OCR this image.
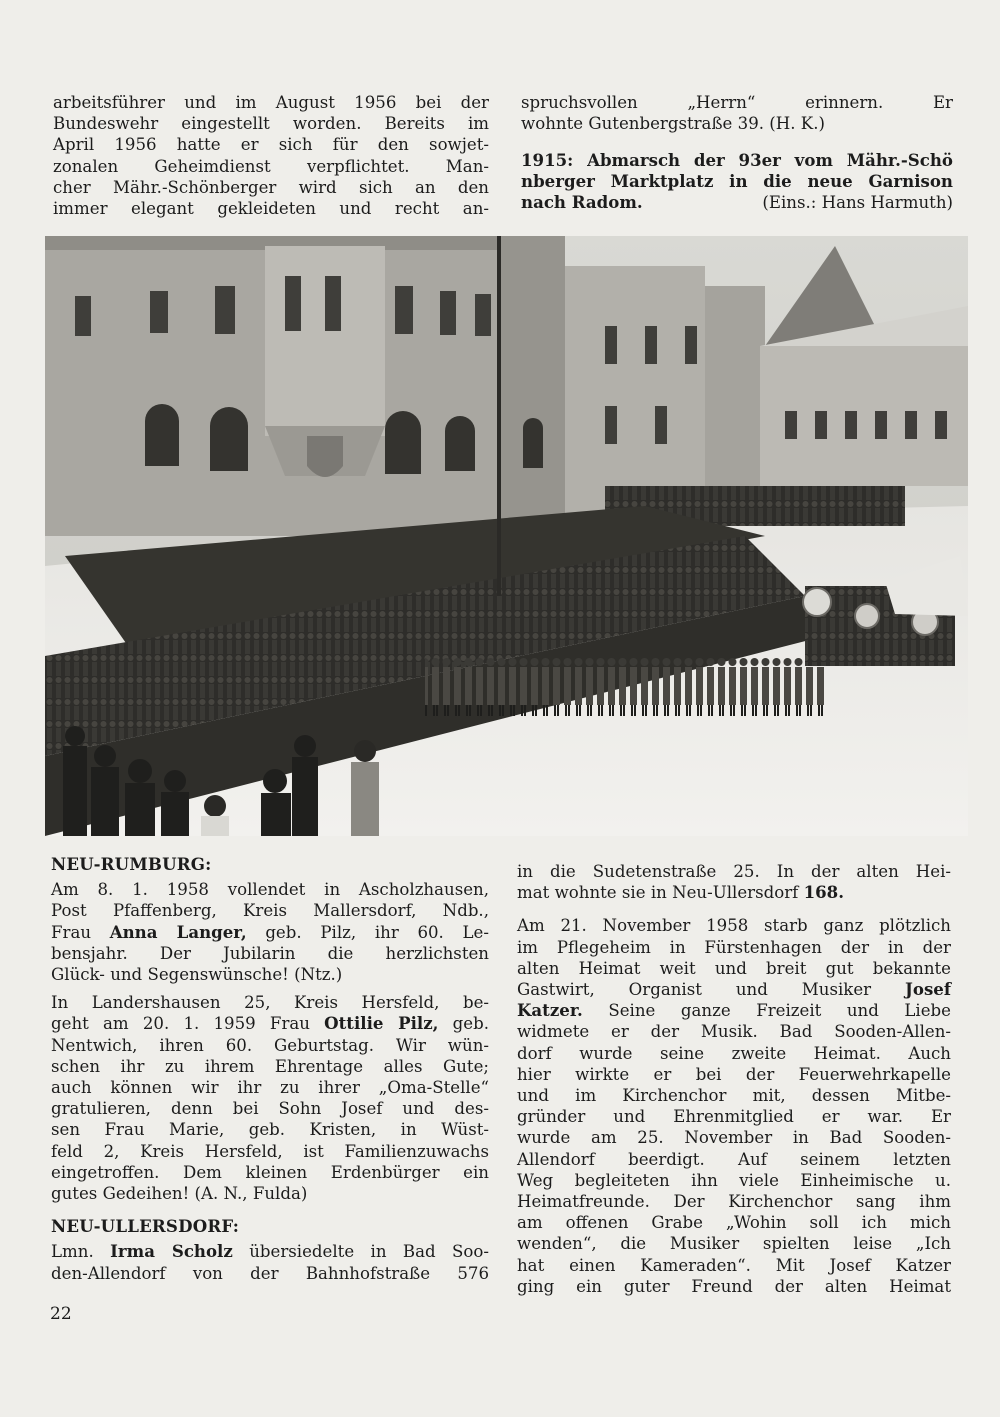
arbeitsführer und im August 1956 bei der
Bundeswehr eingestellt worden. Bereits im
April 1956 hatte er sich für den sowjet-
zonalen Geheimdienst verpflichtet. Man-
cher Mähr.-Schönberger wird sich an den
immer elegant gekleideten und recht an-
spruchsvollen „Herrn“ erinnern. Er
wohnte Gutenbergstraße 39. (H. K.)
1915: Abmarsch der 93er vom Mähr.-Schö
nberger Marktplatz in die neue Garnison
nach Radom.	(Eins.: Hans Harmuth)
NEU-RUMBURG:

Am 8. 1. 1958 vollendet in Ascholzhausen,
Post Pfaffenberg, Kreis Mallersdorf, Ndb.,
Frau Anna Langer, geb. Pilz, ihr 60. Le-
bensjahr. Der Jubilarin die herzlichsten
Glück- und Segenswünsche! (Ntz.)

In Landershausen 25, Kreis Hersfeld, be-
geht am 20. 1. 1959 Frau Ottilie Pilz, geb.
Nentwich, ihren 60. Geburtstag. Wir wün-
schen ihr zu ihrem Ehrentage alles Gute;
auch können wir ihr zu ihrer „Oma-Stelle“
gratulieren, denn bei Sohn Josef und des-
sen Frau Marie, geb. Kristen, in Wüst-
feld 2, Kreis Hersfeld, ist Familienzuwachs
eingetroffen. Dem kleinen Erdenbürger ein
gutes Gedeihen! (A. N., Fulda)

NEU-ULLERSDORF:

Lmn. Irma Scholz übersiedelte in Bad Soo-
den-Allendorf von der Bahnhofstraße 576

in die Sudetenstraße 25. In der alten Hei-
mat wohnte sie in Neu-Ullersdorf 168.

Am 21. November 1958 starb ganz plötzlich
im Pflegeheim in Fürstenhagen der in der
alten Heimat weit und breit gut bekannte
Gastwirt, Organist und Musiker Josef
Katzer. Seine ganze Freizeit und Liebe
widmete er der Musik. Bad Sooden-Allen-
dorf wurde seine zweite Heimat. Auch
hier wirkte er bei der Feuerwehrkapelle
und im Kirchenchor mit, dessen Mitbe-
gründer und Ehrenmitglied er war. Er
wurde am 25. November in Bad Sooden-
Allendorf beerdigt. Auf seinem letzten
Weg begleiteten ihn viele Einheimische u.
Heimatfreunde. Der Kirchenchor sang ihm
am offenen Grabe „Wohin soll ich mich
wenden“, die Musiker spielten leise „Ich
hat einen Kameraden“. Mit Josef Katzer
ging ein guter Freund der alten Heimat

22
